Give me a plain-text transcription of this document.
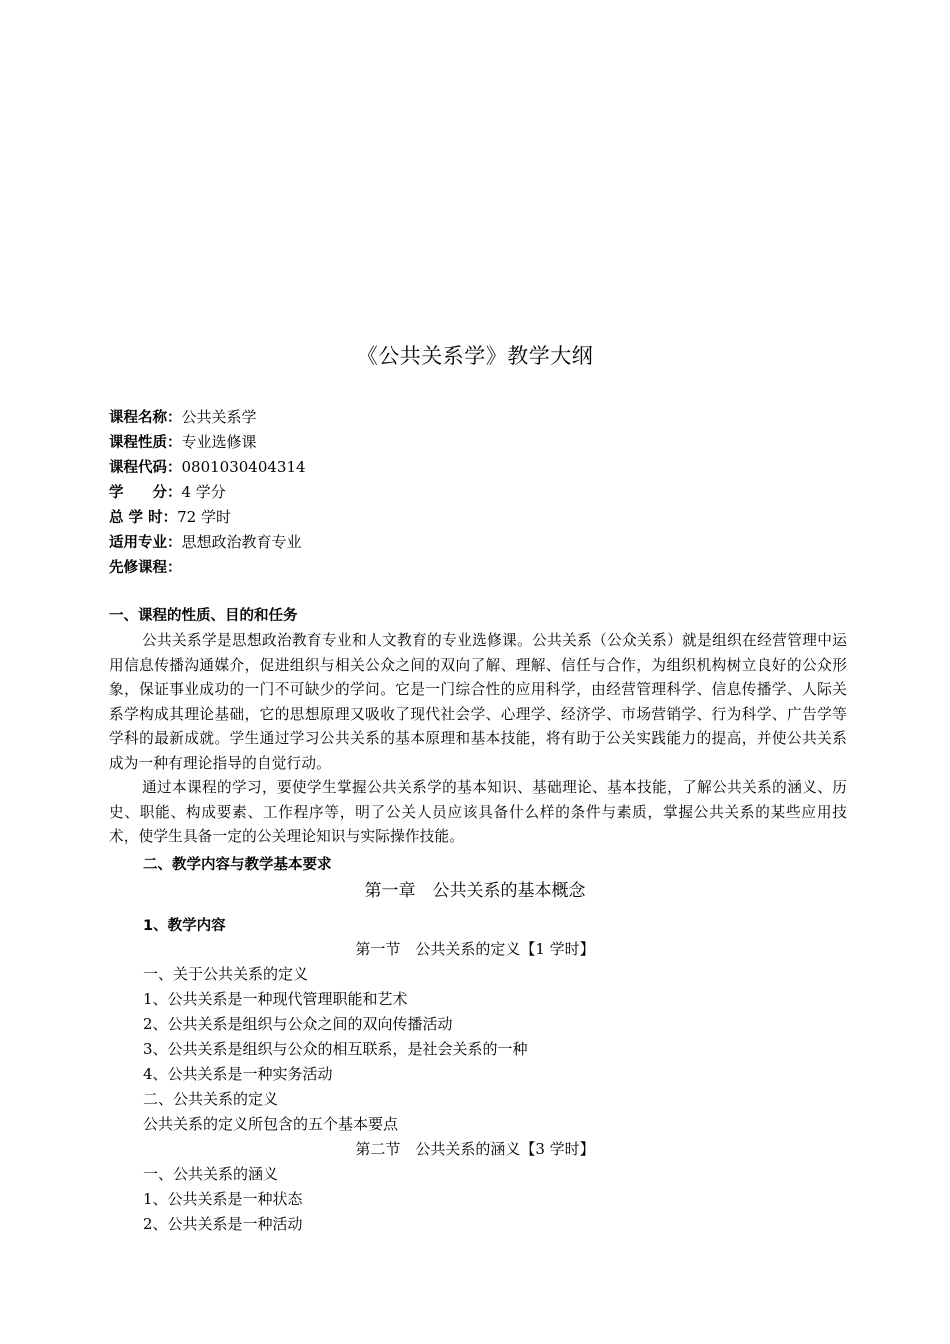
《公共关系学》教学大纲
课程名称：公共关系学
课程性质：专业选修课
课程代码：0801030404314
学　　分：4 学分
总 学 时：72 学时
适用专业：思想政治教育专业
先修课程：
一、课程的性质、目的和任务
公共关系学是思想政治教育专业和人文教育的专业选修课。公共关系（公众关系）就是组织在经营管理中运用信息传播沟通媒介，促进组织与相关公众之间的双向了解、理解、信任与合作，为组织机构树立良好的公众形象，保证事业成功的一门不可缺少的学问。它是一门综合性的应用科学，由经营管理科学、信息传播学、人际关系学构成其理论基础，它的思想原理又吸收了现代社会学、心理学、经济学、市场营销学、行为科学、广告学等学科的最新成就。学生通过学习公共关系的基本原理和基本技能，将有助于公关实践能力的提高，并使公共关系成为一种有理论指导的自觉行动。
通过本课程的学习，要使学生掌握公共关系学的基本知识、基础理论、基本技能，了解公共关系的涵义、历史、职能、构成要素、工作程序等，明了公关人员应该具备什么样的条件与素质，掌握公共关系的某些应用技术，使学生具备一定的公关理论知识与实际操作技能。
二、教学内容与教学基本要求
第一章　公共关系的基本概念
1、教学内容
第一节　公共关系的定义【1 学时】
一、关于公共关系的定义
1、公共关系是一种现代管理职能和艺术
2、公共关系是组织与公众之间的双向传播活动
3、公共关系是组织与公众的相互联系，是社会关系的一种
4、公共关系是一种实务活动
二、公共关系的定义
公共关系的定义所包含的五个基本要点
第二节　公共关系的涵义【3 学时】
一、公共关系的涵义
1、公共关系是一种状态
2、公共关系是一种活动
